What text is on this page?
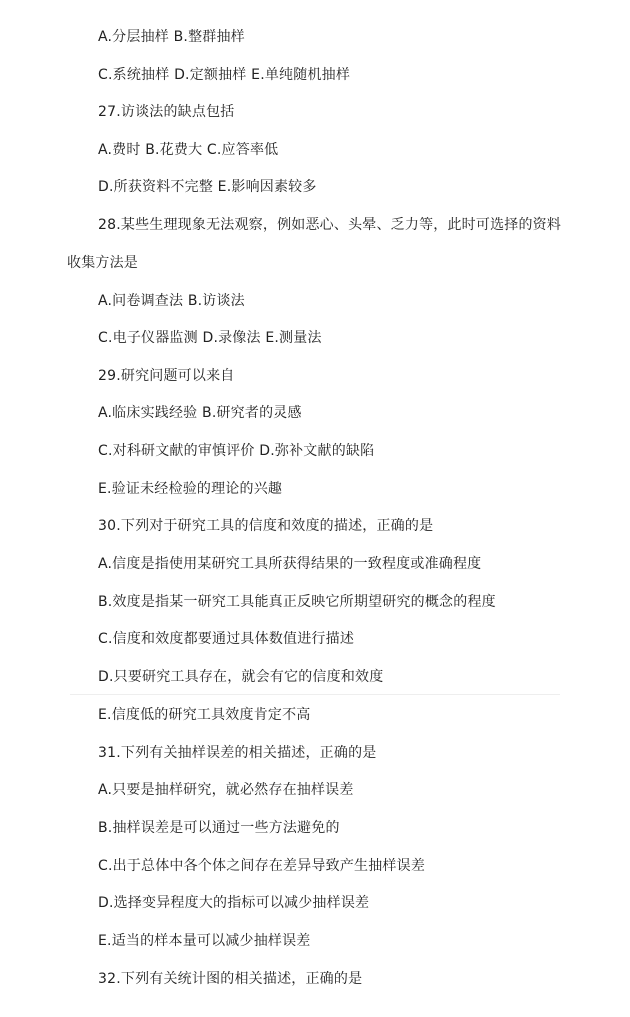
A.分层抽样 B.整群抽样
C.系统抽样 D.定额抽样 E.单纯随机抽样
27.访谈法的缺点包括
A.费时 B.花费大 C.应答率低
D.所获资料不完整 E.影响因素较多
28.某些生理现象无法观察，例如恶心、头晕、乏力等，此时可选择的资料
收集方法是
A.问卷调查法 B.访谈法
C.电子仪器监测 D.录像法 E.测量法
29.研究问题可以来自
A.临床实践经验 B.研究者的灵感
C.对科研文献的审慎评价 D.弥补文献的缺陷
E.验证未经检验的理论的兴趣
30.下列对于研究工具的信度和效度的描述，正确的是
A.信度是指使用某研究工具所获得结果的一致程度或准确程度
B.效度是指某一研究工具能真正反映它所期望研究的概念的程度
C.信度和效度都要通过具体数值进行描述
D.只要研究工具存在，就会有它的信度和效度
E.信度低的研究工具效度肯定不高
31.下列有关抽样误差的相关描述，正确的是
A.只要是抽样研究，就必然存在抽样误差
B.抽样误差是可以通过一些方法避免的
C.出于总体中各个体之间存在差异导致产生抽样误差
D.选择变异程度大的指标可以减少抽样误差
E.适当的样本量可以减少抽样误差
32.下列有关统计图的相关描述，正确的是
